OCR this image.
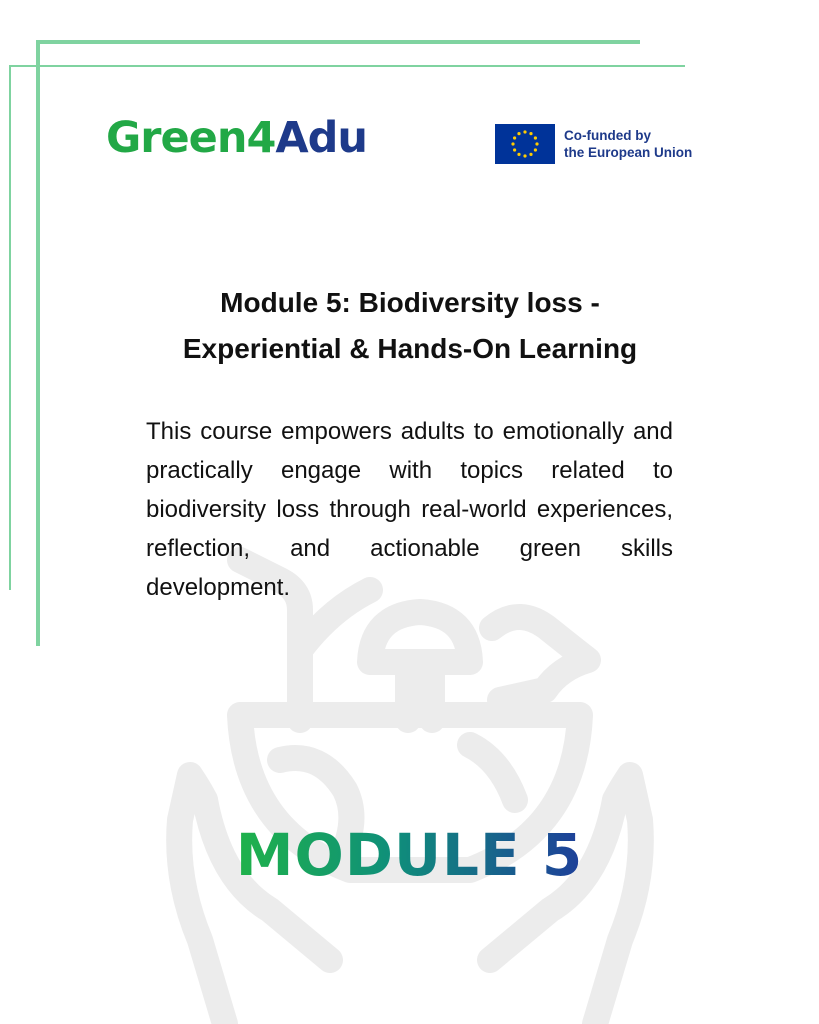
Green4Adu	Co-funded by
the European Union
Module 5: Biodiversity loss -
Experiential & Hands-On Learning
This course empowers adults to emotionally and practically engage with topics related to biodiversity loss through real-world experiences, reflection, and actionable green skills development.
MODULE 5
